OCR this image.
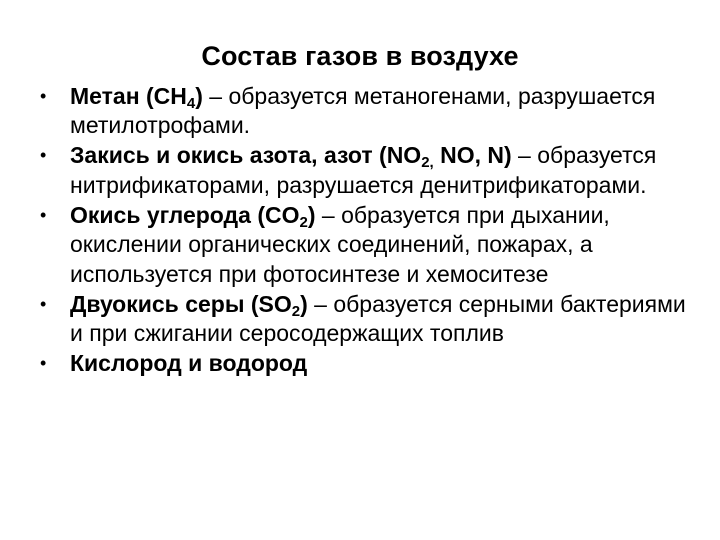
Состав газов в воздухе
•	Метан $(CH_4)$ – образуется метаногенами, разрушается метилотрофами.
•	Закись и окись азота, азот ($NO_{2,}$ NO, N) – образуется нитрификаторами, разрушается денитрификаторами.
•	Окись углерода $(CO_2)$ – образуется при дыхании, окислении органических соединений, пожарах, а используется при фотосинтезе и хемоситезе
•	Двуокись серы $(SO_2)$ – образуется серными бактериями и при сжигании серосодержащих топлив
•	Кислород и водород
